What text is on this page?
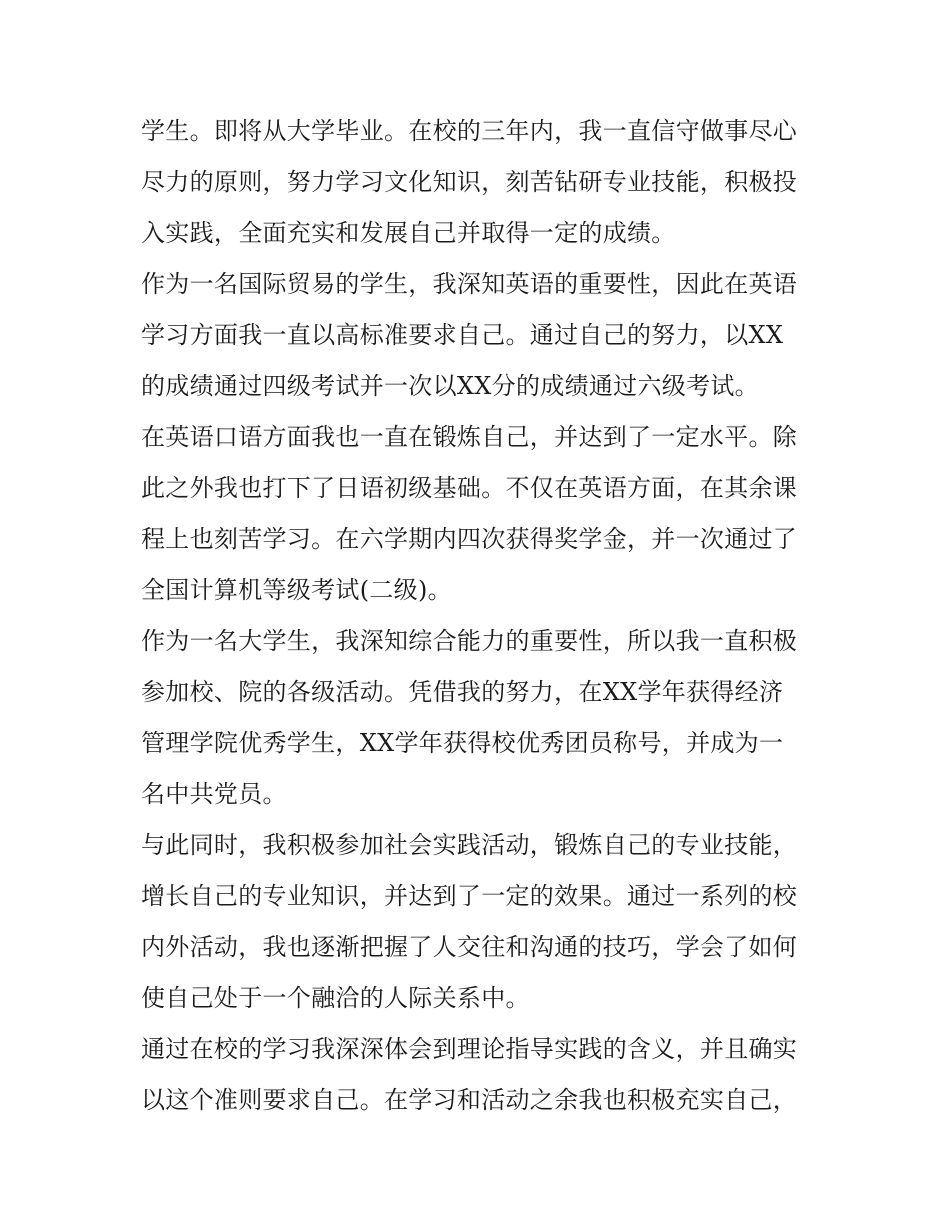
学生。即将从大学毕业。在校的三年内，我一直信守做事尽心
尽力的原则，努力学习文化知识，刻苦钻研专业技能，积极投
入实践，全面充实和发展自己并取得一定的成绩。
作为一名国际贸易的学生，我深知英语的重要性，因此在英语
学习方面我一直以高标准要求自己。通过自己的努力，以XX
的成绩通过四级考试并一次以XX分的成绩通过六级考试。
在英语口语方面我也一直在锻炼自己，并达到了一定水平。除
此之外我也打下了日语初级基础。不仅在英语方面，在其余课
程上也刻苦学习。在六学期内四次获得奖学金，并一次通过了
全国计算机等级考试(二级)。
作为一名大学生，我深知综合能力的重要性，所以我一直积极
参加校、院的各级活动。凭借我的努力，在XX学年获得经济
管理学院优秀学生，XX学年获得校优秀团员称号，并成为一
名中共党员。
与此同时，我积极参加社会实践活动，锻炼自己的专业技能，
增长自己的专业知识，并达到了一定的效果。通过一系列的校
内外活动，我也逐渐把握了人交往和沟通的技巧，学会了如何
使自己处于一个融洽的人际关系中。
通过在校的学习我深深体会到理论指导实践的含义，并且确实
以这个准则要求自己。在学习和活动之余我也积极充实自己，
